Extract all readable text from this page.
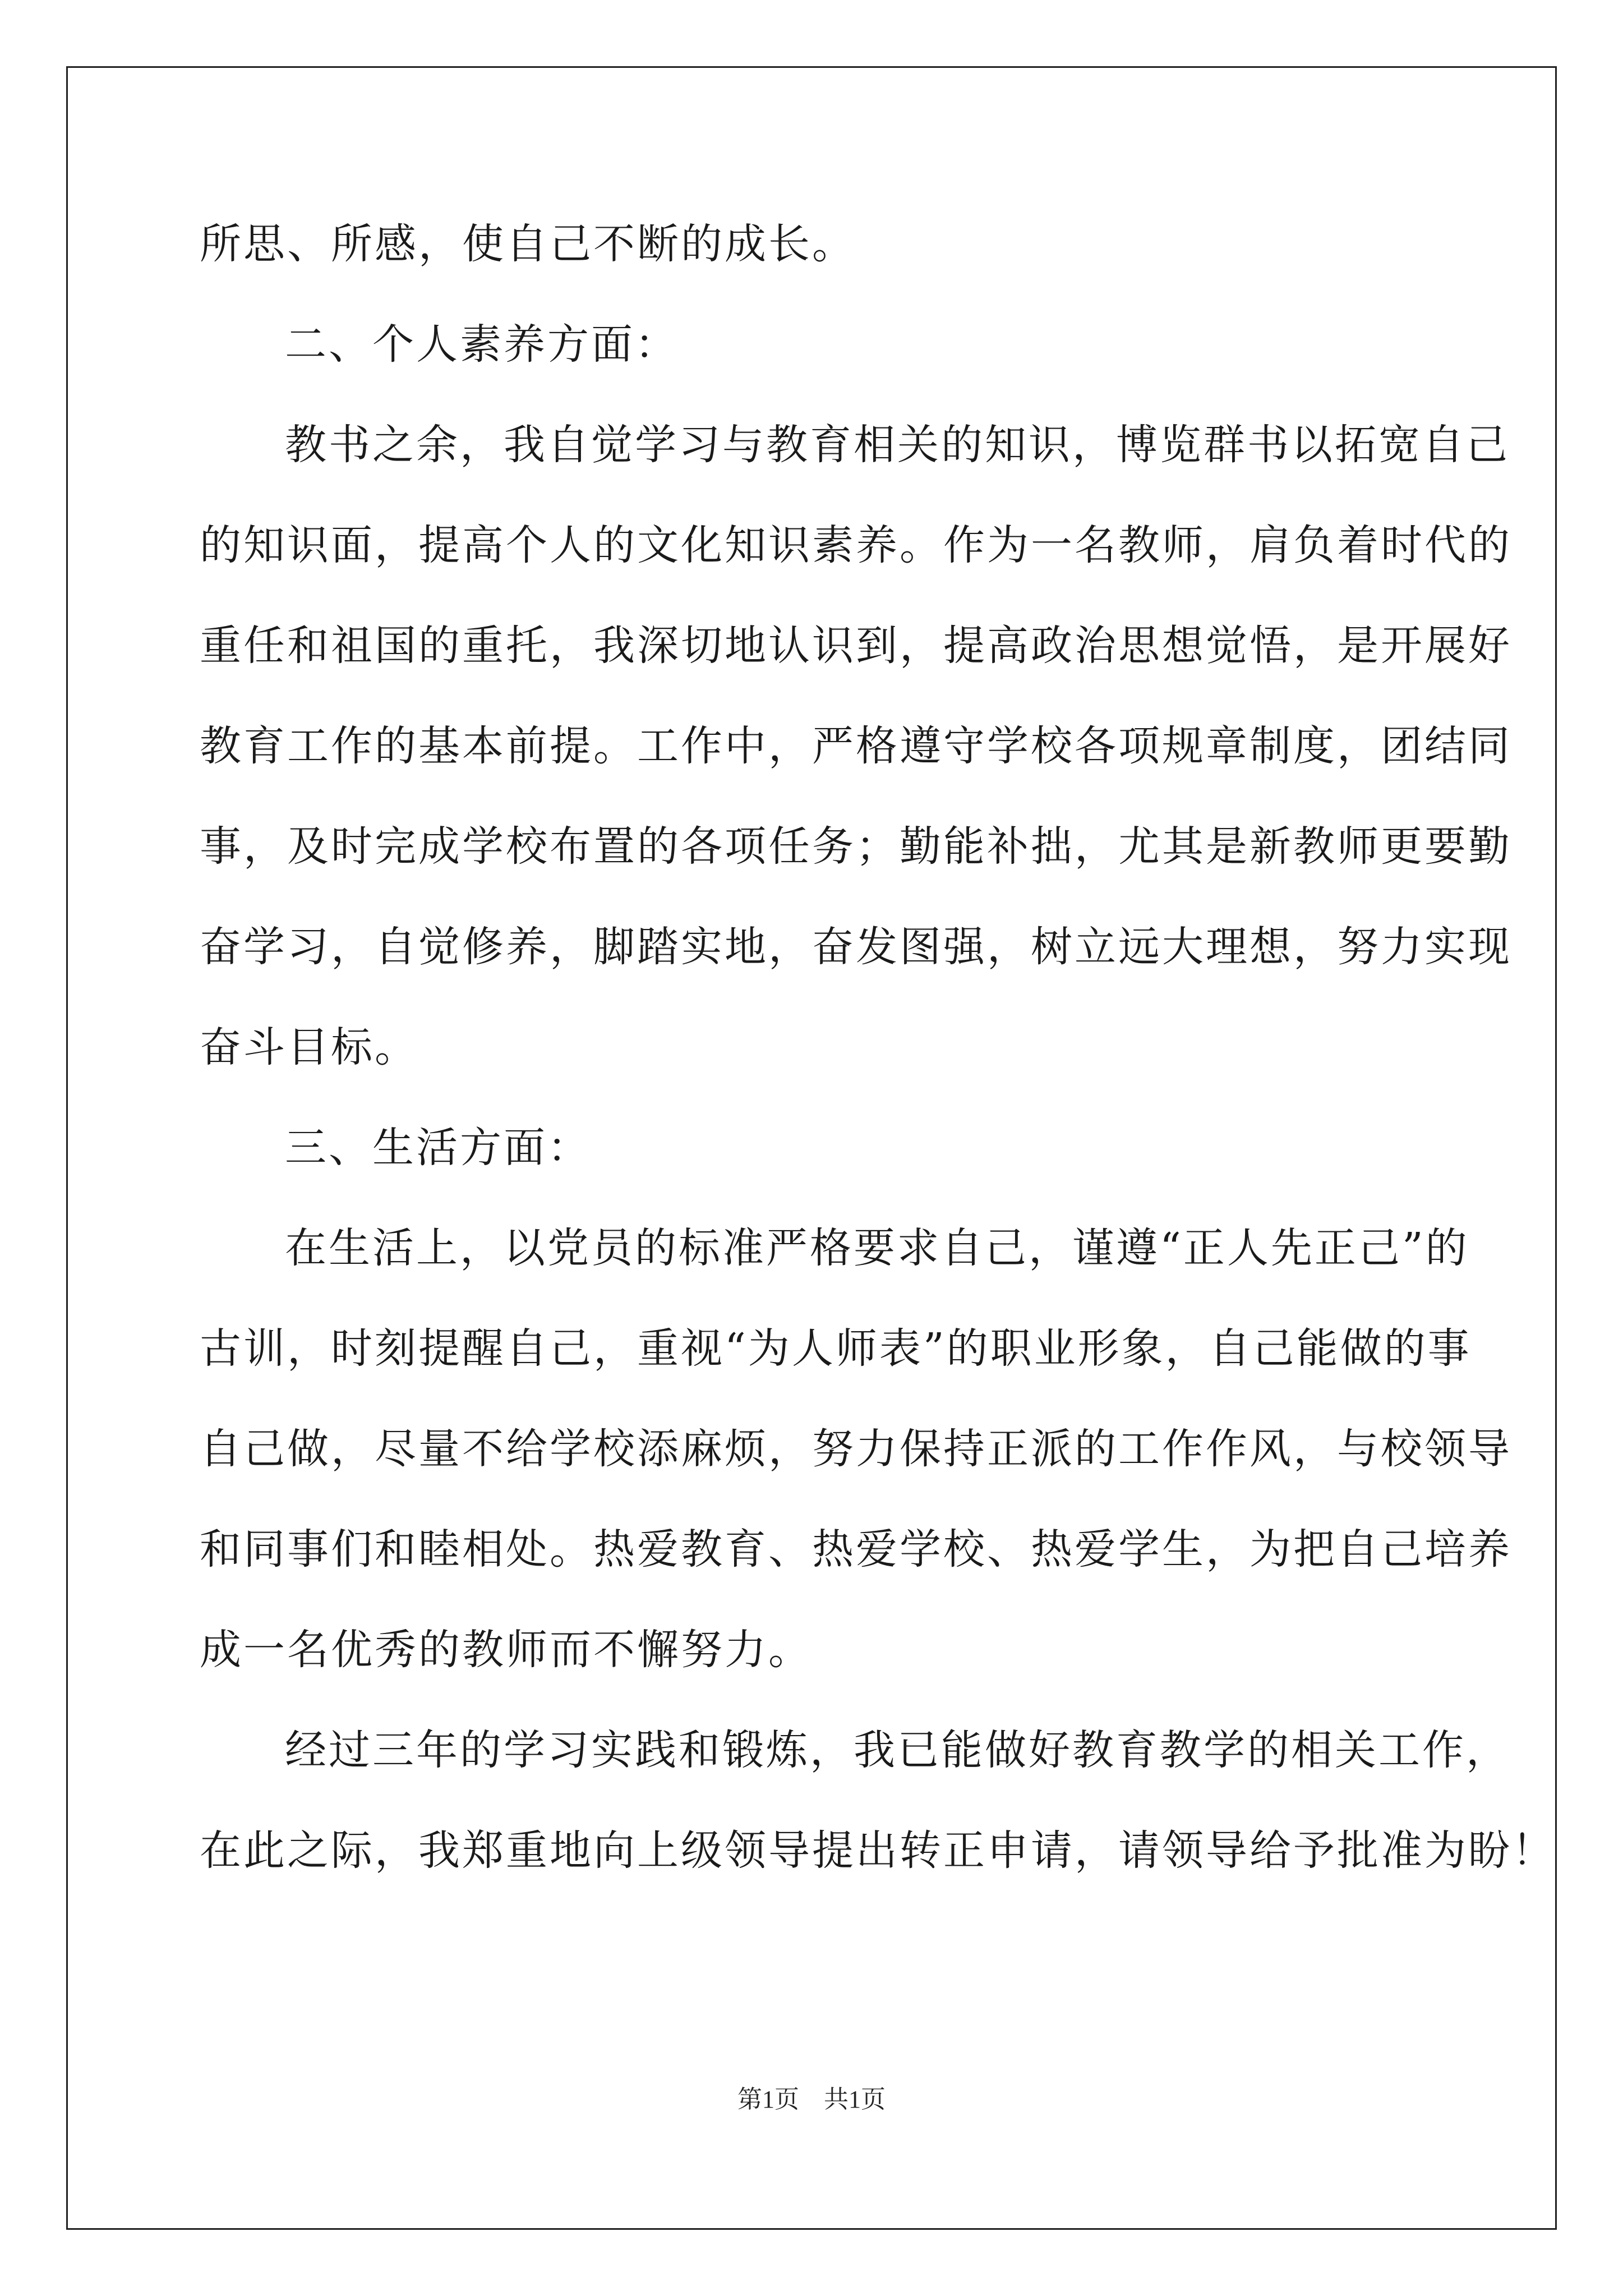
所思、所感，使自己不断的成长。
二、个人素养方面：
教书之余，我自觉学习与教育相关的知识，博览群书以拓宽自己
的知识面，提高个人的文化知识素养。作为一名教师，肩负着时代的
重任和祖国的重托，我深切地认识到，提高政治思想觉悟，是开展好
教育工作的基本前提。工作中，严格遵守学校各项规章制度，团结同
事，及时完成学校布置的各项任务；勤能补拙，尤其是新教师更要勤
奋学习，自觉修养，脚踏实地，奋发图强，树立远大理想，努力实现
奋斗目标。
三、生活方面：
在生活上，以党员的标准严格要求自己，谨遵“正人先正己”的
古训，时刻提醒自己，重视“为人师表”的职业形象，自己能做的事
自己做，尽量不给学校添麻烦，努力保持正派的工作作风，与校领导
和同事们和睦相处。热爱教育、热爱学校、热爱学生，为把自己培养
成一名优秀的教师而不懈努力。
经过三年的学习实践和锻炼，我已能做好教育教学的相关工作，
在此之际，我郑重地向上级领导提出转正申请，请领导给予批准为盼！
第1页　共1页
